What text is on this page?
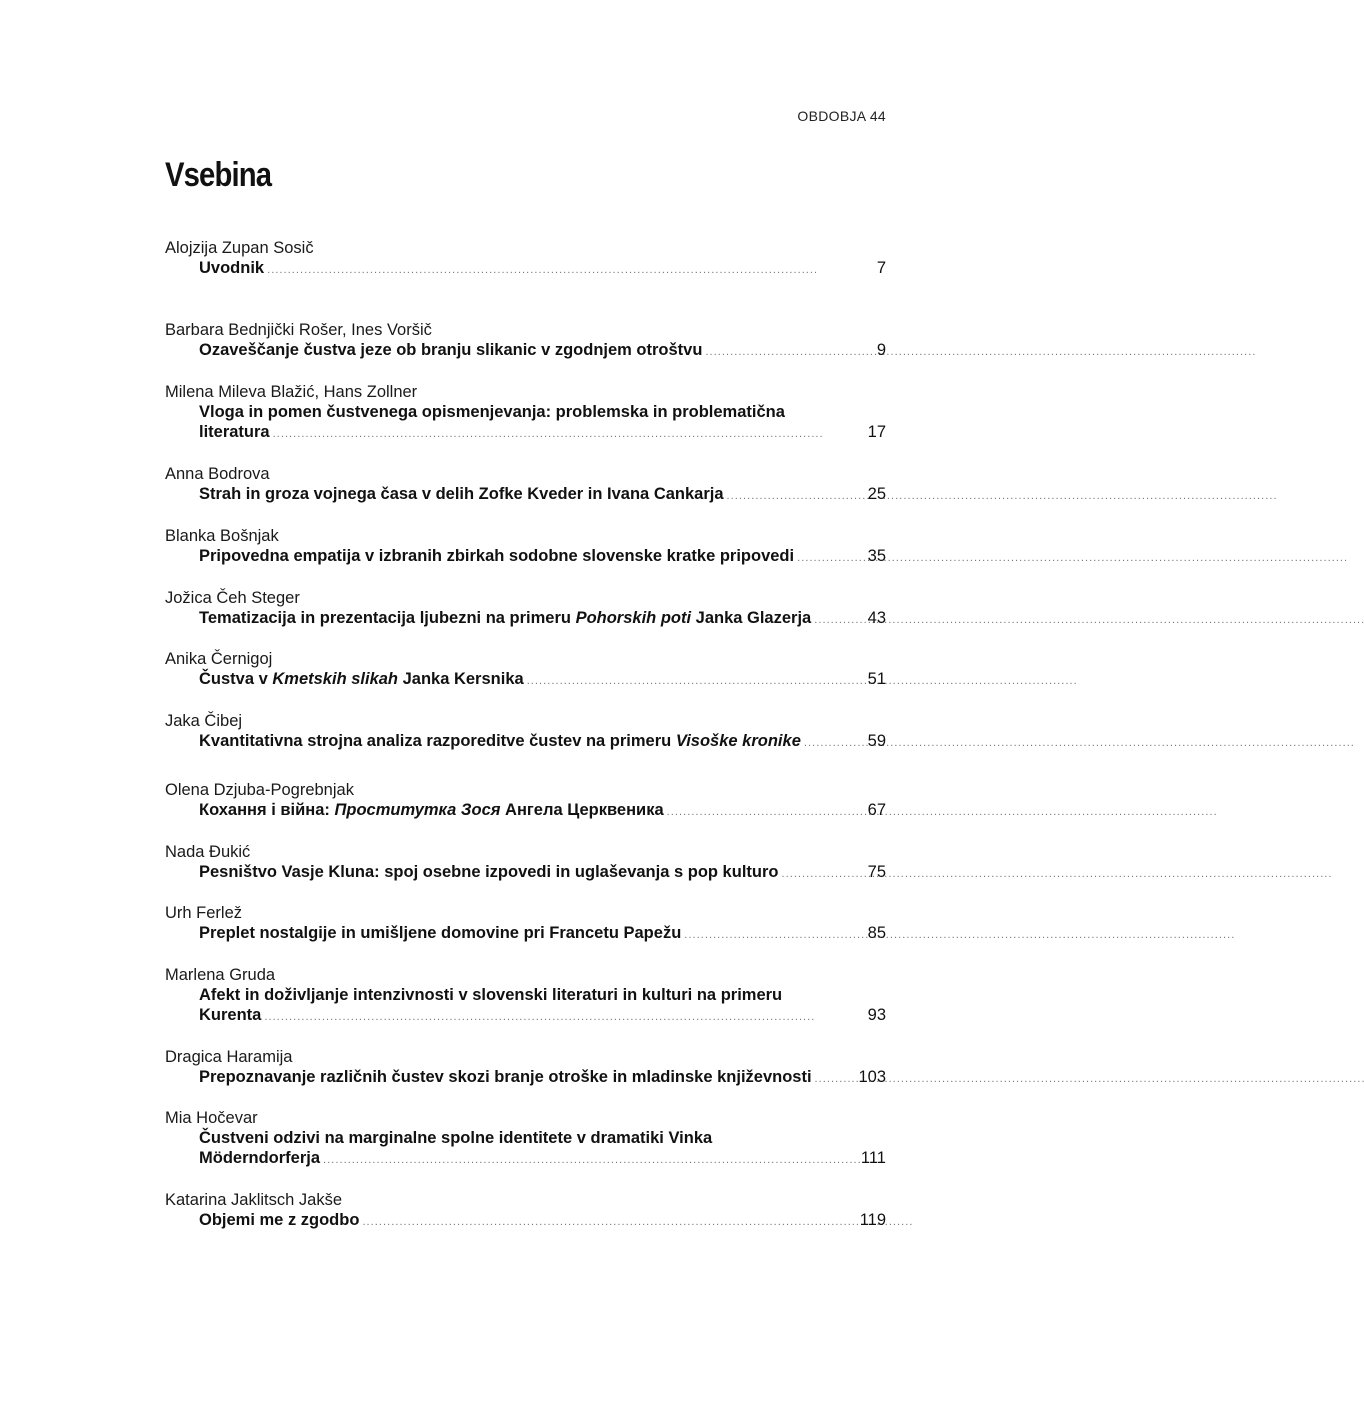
OBDOBJA 44
Vsebina
Alojzija Zupan Sosič
Uvodnik . . .	7
Barbara Bednjički Rošer, Ines Voršič
Ozaveščanje čustva jeze ob branju slikanic v zgodnjem otroštvu . . .	9
Milena Mileva Blažić, Hans Zollner
Vloga in pomen čustvenega opismenjevanja: problemska in problematična
literatura . . .	17
Anna Bodrova
Strah in groza vojnega časa v delih Zofke Kveder in Ivana Cankarja . . .	25
Blanka Bošnjak
Pripovedna empatija v izbranih zbirkah sodobne slovenske kratke pripovedi . . .	35
Jožica Čeh Steger
Tematizacija in prezentacija ljubezni na primeru Pohorskih poti Janka Glazerja . . .	43
Anika Černigoj
Čustva v Kmetskih slikah Janka Kersnika . . .	51
Jaka Čibej
Kvantitativna strojna analiza razporeditve čustev na primeru Visoške kronike . . .	59
Olena Dzjuba-Pogrebnjak
Кохання і війна: Проститутка Зося Ангела Церквеника . . .	67
Nada Đukić
Pesništvo Vasje Kluna: spoj osebne izpovedi in uglaševanja s pop kulturo . . .	75
Urh Ferlež
Preplet nostalgije in umišljene domovine pri Francetu Papežu . . .	85
Marlena Gruda
Afekt in doživljanje intenzivnosti v slovenski literaturi in kulturi na primeru
Kurenta . . .	93
Dragica Haramija
Prepoznavanje različnih čustev skozi branje otroške in mladinske književnosti . . .	103
Mia Hočevar
Čustveni odzivi na marginalne spolne identitete v dramatiki Vinka
Möderndorferja . . .	111
Katarina Jaklitsch Jakše
Objemi me z zgodbo . . .	119
